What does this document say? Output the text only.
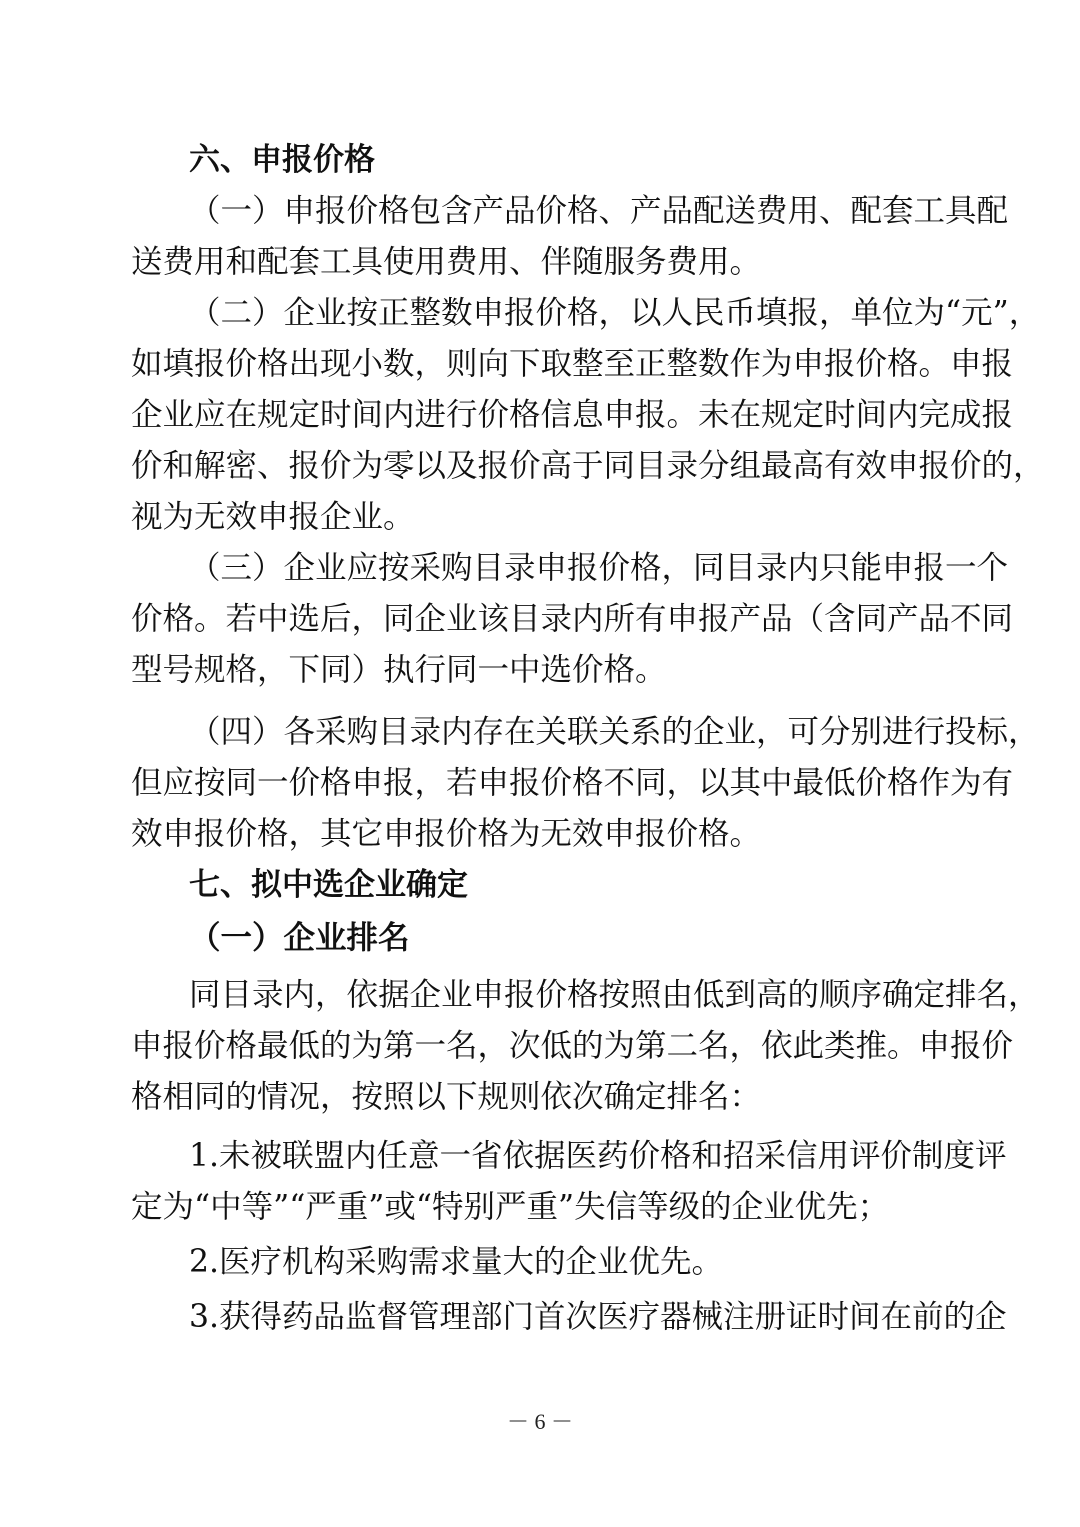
六、申报价格
（一）申报价格包含产品价格、产品配送费用、配套工具配
送费用和配套工具使用费用、伴随服务费用。
（二）企业按正整数申报价格，以人民币填报，单位为“元”，
如填报价格出现小数，则向下取整至正整数作为申报价格。申报
企业应在规定时间内进行价格信息申报。未在规定时间内完成报
价和解密、报价为零以及报价高于同目录分组最高有效申报价的，
视为无效申报企业。
（三）企业应按采购目录申报价格，同目录内只能申报一个
价格。若中选后，同企业该目录内所有申报产品（含同产品不同
型号规格，下同）执行同一中选价格。
（四）各采购目录内存在关联关系的企业，可分别进行投标，
但应按同一价格申报，若申报价格不同，以其中最低价格作为有
效申报价格，其它申报价格为无效申报价格。
七、拟中选企业确定
（一）企业排名
同目录内，依据企业申报价格按照由低到高的顺序确定排名，
申报价格最低的为第一名，次低的为第二名，依此类推。申报价
格相同的情况，按照以下规则依次确定排名：
1.未被联盟内任意一省依据医药价格和招采信用评价制度评
定为“中等”“严重”或“特别严重”失信等级的企业优先；
2.医疗机构采购需求量大的企业优先。
3.获得药品监督管理部门首次医疗器械注册证时间在前的企
－ 6 －
